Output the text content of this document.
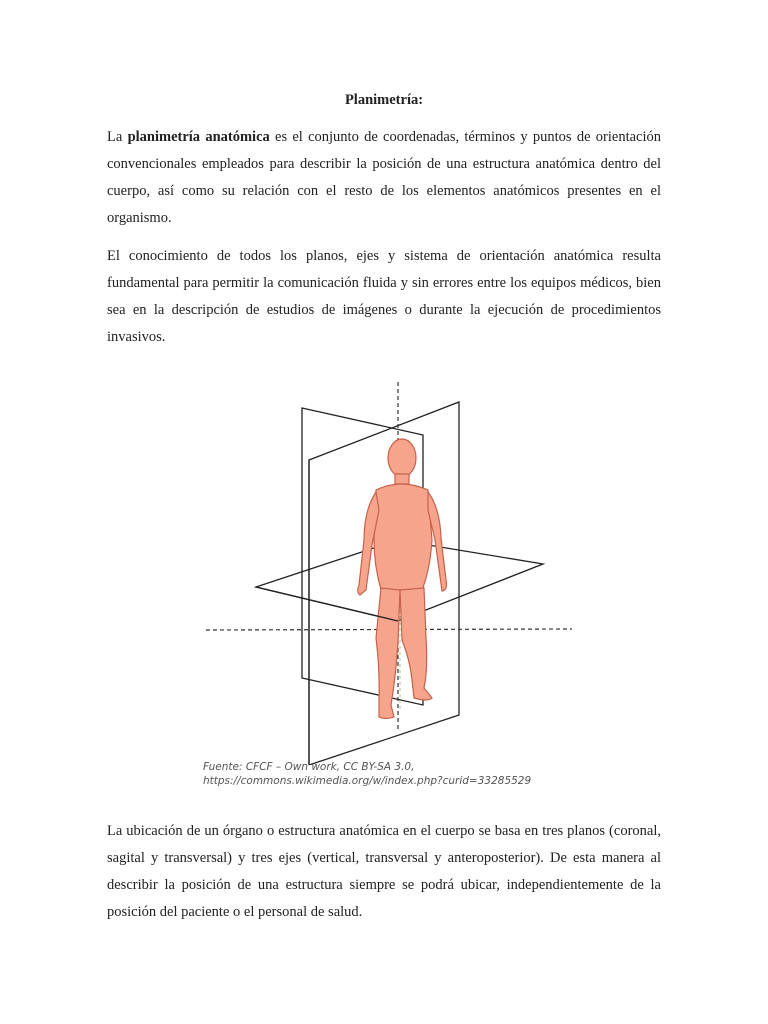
Planimetría:

La planimetría anatómica es el conjunto de coordenadas, términos y puntos de orientación convencionales empleados para describir la posición de una estructura anatómica dentro del cuerpo, así como su relación con el resto de los elementos anatómicos presentes en el organismo.

El conocimiento de todos los planos, ejes y sistema de orientación anatómica resulta fundamental para permitir la comunicación fluida y sin errores entre los equipos médicos, bien sea en la descripción de estudios de imágenes o durante la ejecución de procedimientos invasivos.

Fuente: CFCF – Own work, CC BY-SA 3.0,
https://commons.wikimedia.org/w/index.php?curid=33285529

La ubicación de un órgano o estructura anatómica en el cuerpo se basa en tres planos (coronal, sagital y transversal) y tres ejes (vertical, transversal y anteroposterior). De esta manera al describir la posición de una estructura siempre se podrá ubicar, independientemente de la posición del paciente o el personal de salud.
